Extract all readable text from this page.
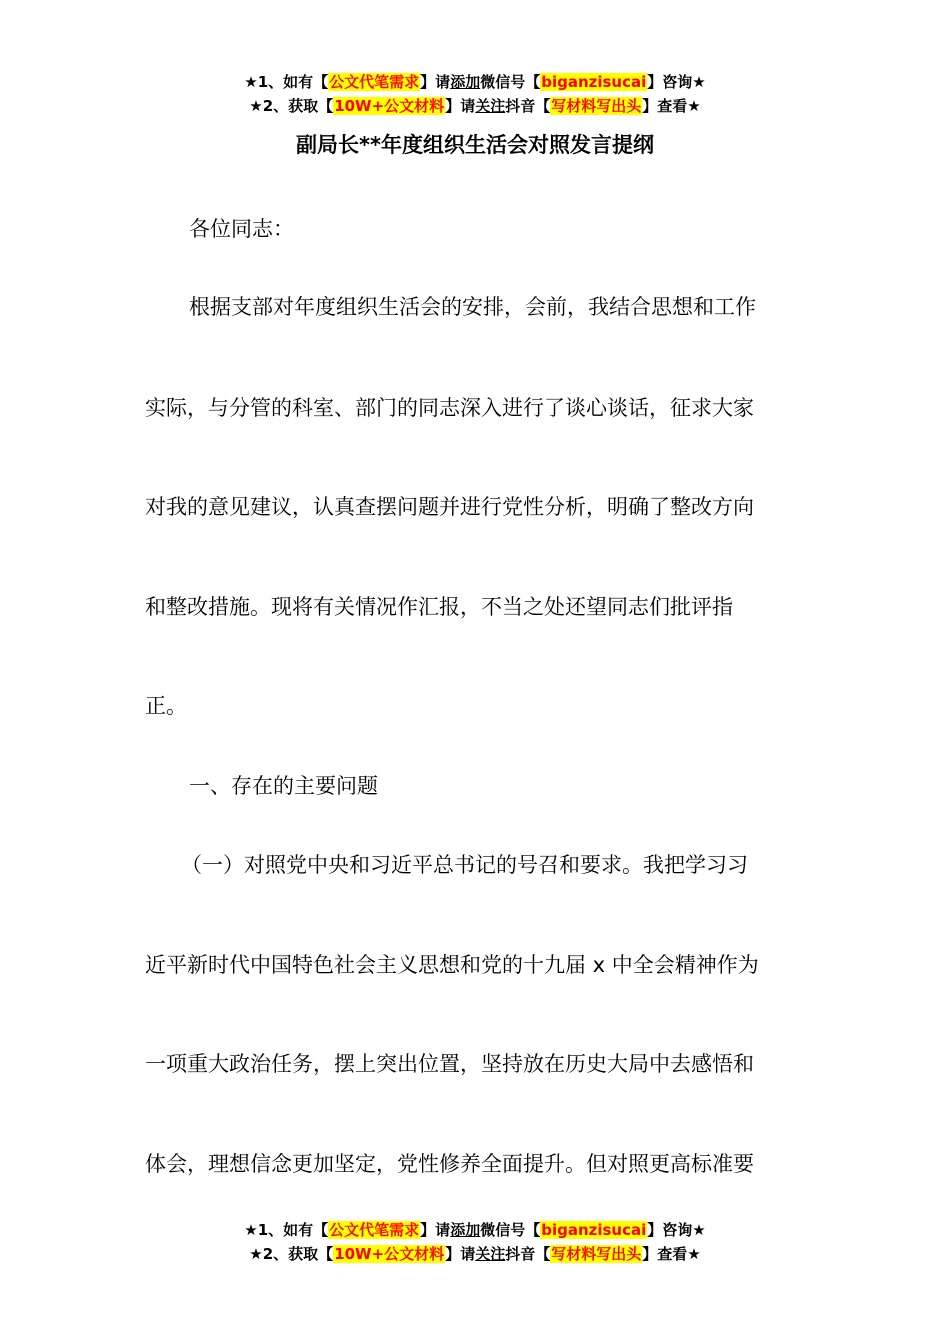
★1、如有【公文代笔需求】请添加微信号【biganzisucai】咨询★
★2、获取【10W+公文材料】请关注抖音【写材料写出头】查看★
副局长**年度组织生活会对照发言提纲
各位同志：
根据支部对年度组织生活会的安排，会前，我结合思想和工作
实际，与分管的科室、部门的同志深入进行了谈心谈话，征求大家
对我的意见建议，认真查摆问题并进行党性分析，明确了整改方向
和整改措施。现将有关情况作汇报，不当之处还望同志们批评指
正。
一、存在的主要问题
（一）对照党中央和习近平总书记的号召和要求。我把学习习
近平新时代中国特色社会主义思想和党的十九届 x 中全会精神作为
一项重大政治任务，摆上突出位置，坚持放在历史大局中去感悟和
体会，理想信念更加坚定，党性修养全面提升。但对照更高标准要
★1、如有【公文代笔需求】请添加微信号【biganzisucai】咨询★
★2、获取【10W+公文材料】请关注抖音【写材料写出头】查看★
